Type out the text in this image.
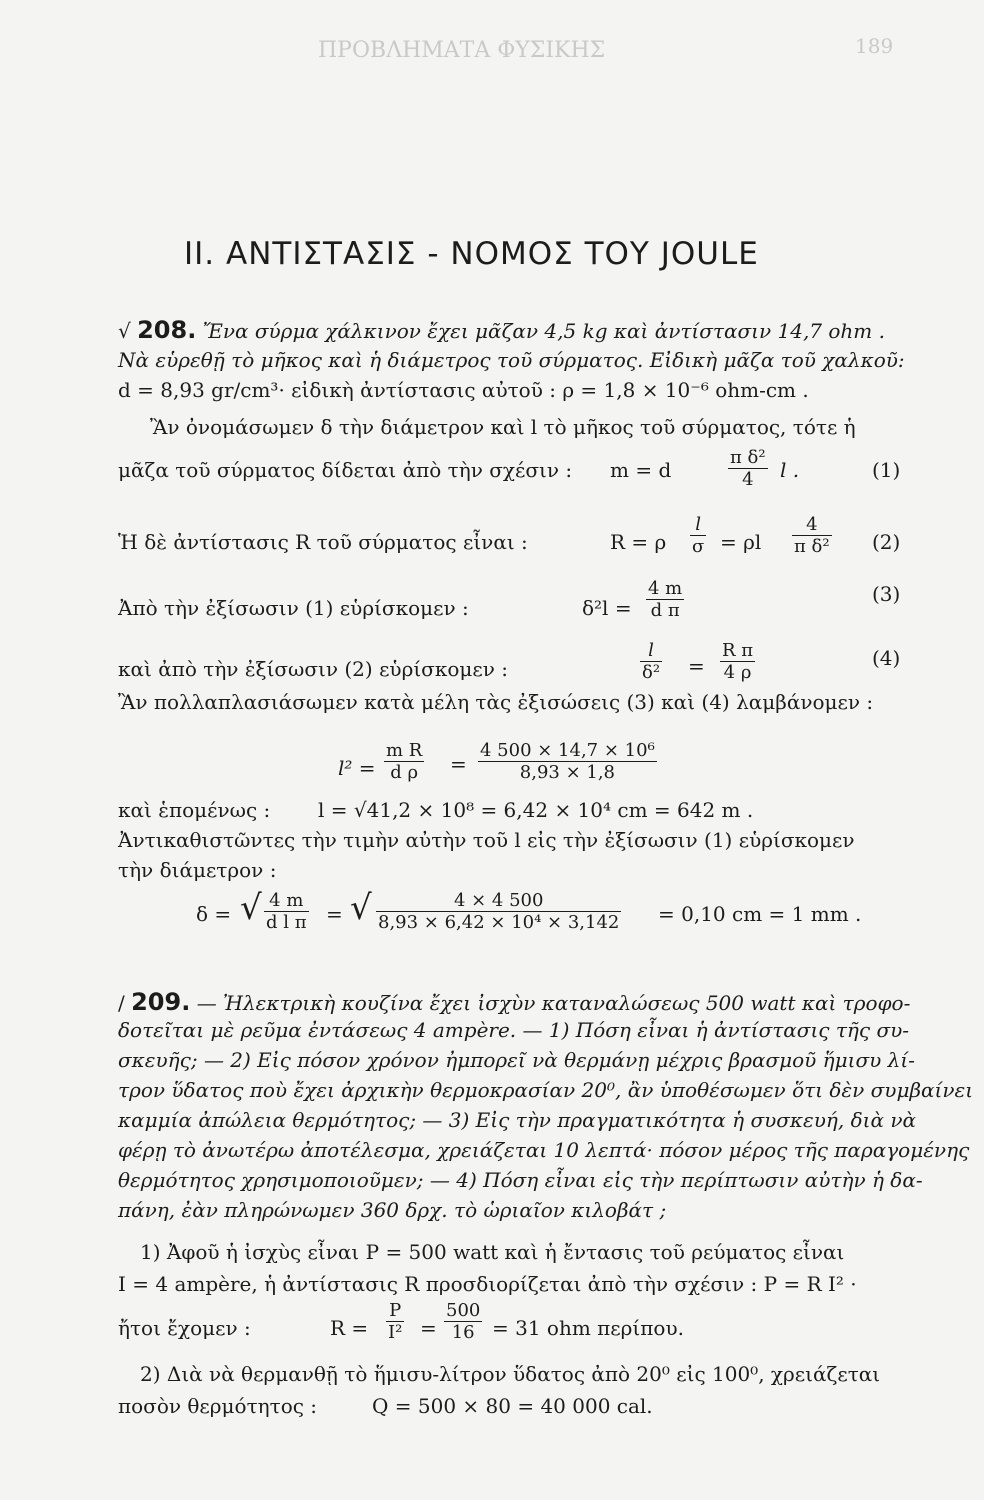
ΠΡΟΒΛΗΜΑΤΑ ΦΥΣΙΚΗΣ	189
II. ΑΝΤΙΣΤΑΣΙΣ - ΝΟΜΟΣ ΤΟΥ JOULE
√ 208. Ἔνα σύρμα χάλκινον ἔχει μᾶζαν 4,5 kg καὶ ἀντίστασιν 14,7 ohm .
Νὰ εὑρεθῇ τὸ μῆκος καὶ ἡ διάμετρος τοῦ σύρματος. Εἰδικὴ μᾶζα τοῦ χαλκοῦ:
d = 8,93 gr/cm³· εἰδικὴ ἀντίστασις αὐτοῦ : ρ = 1,8 × 10⁻⁶ ohm-cm .
Ἂν ὀνομάσωμεν δ τὴν διάμετρον καὶ l τὸ μῆκος τοῦ σύρματος, τότε ἡ
μᾶζα τοῦ σύρματος δίδεται ἀπὸ τὴν σχέσιν : m = d	$\frac{\text{π δ²}}{4}$ l .	(1)
Ἡ δὲ ἀντίστασις R τοῦ σύρματος εἶναι :	R = ρ $\frac{l}{\sigma} = \rho l \frac{4}{\text{π δ²}} (2)$
Ἀπὸ τὴν ἐξίσωσιν (1) εὑρίσκομεν :	$\delta^2l = \frac{4 m}{\text{d π}}$	(3)
καὶ ἀπὸ τὴν ἐξίσωσιν (2) εὑρίσκομεν :	$\frac{l}{\text{δ²}} = \frac{\text{R π}}{4 \rho}$	(4)
Ἂν πολλαπλασιάσωμεν κατὰ μέλη τὰς ἐξισώσεις (3) καὶ (4) λαμβάνομεν :
$l^2 = \frac{\text{m R}}{\text{d ρ}} = \frac{\text{4 500 × 14,7 × 10⁶}}{8,93 \times 1,8}$
καὶ ἑπομένως : l = √41,2 × 10⁸ = 6,42 × 10⁴ cm = 642 m .
Ἀντικαθιστῶντες τὴν τιμὴν αὐτὴν τοῦ l εἰς τὴν ἐξίσωσιν (1) εὑρίσκομεν
τὴν διάμετρον :
δ = √ $\frac{4 m}{\text{d l π}}$ = √ $\frac{4 \times 4 500}{\text{8,93 × 6,42 × 10⁴ × 3,142}} = 0,10$ cm = 1 mm .
/ 209. — Ἠλεκτρικὴ κουζίνα ἔχει ἰσχὺν καταναλώσεως 500 watt καὶ τροφο-
δοτεῖται μὲ ρεῦμα ἐντάσεως 4 ampère. — 1) Πόση εἶναι ἡ ἀντίστασις τῆς συ-
σκευῆς; — 2) Εἰς πόσον χρόνον ἠμπορεῖ νὰ θερμάνῃ μέχρις βρασμοῦ ἥμισυ λί-
τρον ὕδατος ποὺ ἔχει ἀρχικὴν θερμοκρασίαν 20⁰, ἂν ὑποθέσωμεν ὅτι δὲν συμβαίνει
καμμία ἀπώλεια θερμότητος; — 3) Εἰς τὴν πραγματικότητα ἡ συσκευή, διὰ νὰ
φέρῃ τὸ ἀνωτέρω ἀποτέλεσμα, χρειάζεται 10 λεπτά· πόσον μέρος τῆς παραγομένης
θερμότητος χρησιμοποιοῦμεν; — 4) Πόση εἶναι εἰς τὴν περίπτωσιν αὐτὴν ἡ δα-
πάνη, ἐὰν πληρώνωμεν 360 δρχ. τὸ ὡριαῖον κιλοβάτ ;
1) Ἀφοῦ ἡ ἰσχὺς εἶναι P = 500 watt καὶ ἡ ἔντασις τοῦ ρεύματος εἶναι
I = 4 ampère, ἡ ἀντίστασις R προσδιορίζεται ἀπὸ τὴν σχέσιν : P = R I² ·
ἤτοι ἔχομεν :	$R = \frac{P}{\text{I²}} = \frac{500}{16} = 31$ ohm περίπου.
2) Διὰ νὰ θερμανθῇ τὸ ἥμισυ-λίτρον ὕδατος ἀπὸ 20⁰ εἰς 100⁰, χρειάζεται
ποσὸν θερμότητος :	Q = 500 × 80 = 40 000 cal.
